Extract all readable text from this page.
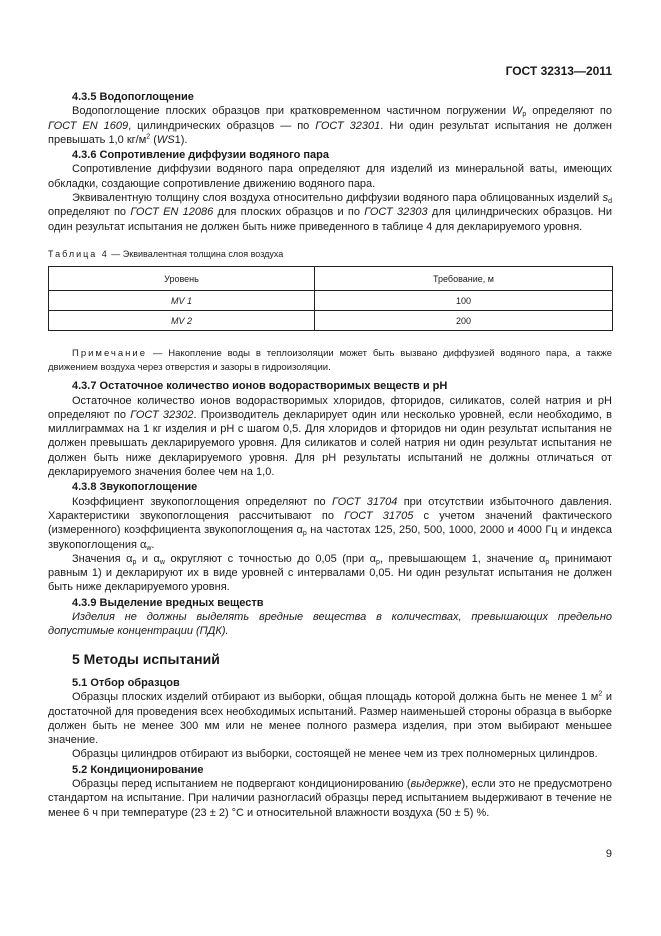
ГОСТ 32313—2011
4.3.5 Водопоглощение
Водопоглощение плоских образцов при кратковременном частичном погружении $W_p$ определяют по ГОСТ EN 1609, цилиндрических образцов — по ГОСТ 32301. Ни один результат испытания не должен превышать 1,0 $кг/м^2$ (WS1).
4.3.6 Сопротивление диффузии водяного пара
Сопротивление диффузии водяного пара определяют для изделий из минеральной ваты, имеющих обкладки, создающие сопротивление движению водяного пара.
Эквивалентную толщину слоя воздуха относительно диффузии водяного пара облицованных изделий $s_d$ определяют по ГОСТ EN 12086 для плоских образцов и по ГОСТ 32303 для цилиндрических образцов. Ни один результат испытания не должен быть ниже приведенного в таблице 4 для декларируемого уровня.
Таблица 4 — Эквивалентная толщина слоя воздуха
Уровень	Требование, м
MV 1	100
MV 2	200
Примечание — Накопление воды в теплоизоляции может быть вызвано диффузией водяного пара, а также движением воздуха через отверстия и зазоры в гидроизоляции.
4.3.7 Остаточное количество ионов водорастворимых веществ и pH
Остаточное количество ионов водорастворимых хлоридов, фторидов, силикатов, солей натрия и pH определяют по ГОСТ 32302. Производитель декларирует один или несколько уровней, если необходимо, в миллиграммах на 1 кг изделия и pH с шагом 0,5. Для хлоридов и фторидов ни один результат испытания не должен превышать декларируемого уровня. Для силикатов и солей натрия ни один результат испытания не должен быть ниже декларируемого уровня. Для pH результаты испытаний не должны отличаться от декларируемого значения более чем на 1,0.
4.3.8 Звукопоглощение
Коэффициент звукопоглощения определяют по ГОСТ 31704 при отсутствии избыточного давления. Характеристики звукопоглощения рассчитывают по ГОСТ 31705 с учетом значений фактического (измеренного) коэффициента звукопоглощения $\alpha_p$ на частотах 125, 250, 500, 1000, 2000 и 4000 Гц и индекса звукопоглощения $\alpha_w$.
Значения $\alpha_p$ и $\alpha_w$ округляют с точностью до 0,05 (при $\alpha_p$, превышающем 1, значение $\alpha_p$ принимают равным 1) и декларируют их в виде уровней с интервалами 0,05. Ни один результат испытания не должен быть ниже декларируемого уровня.
4.3.9 Выделение вредных веществ
Изделия не должны выделять вредные вещества в количествах, превышающих предельно допустимые концентрации (ПДК).
5 Методы испытаний
5.1 Отбор образцов
Образцы плоских изделий отбирают из выборки, общая площадь которой должна быть не менее 1 $м^2$ и достаточной для проведения всех необходимых испытаний. Размер наименьшей стороны образца в выборке должен быть не менее 300 мм или не менее полного размера изделия, при этом выбирают меньшее значение.
Образцы цилиндров отбирают из выборки, состоящей не менее чем из трех полномерных цилиндров.
5.2 Кондиционирование
Образцы перед испытанием не подвергают кондиционированию (выдержке), если это не предусмотрено стандартом на испытание. При наличии разногласий образцы перед испытанием выдерживают в течение не менее 6 ч при температуре (23 ± 2) °С и относительной влажности воздуха (50 ± 5) %.
9
